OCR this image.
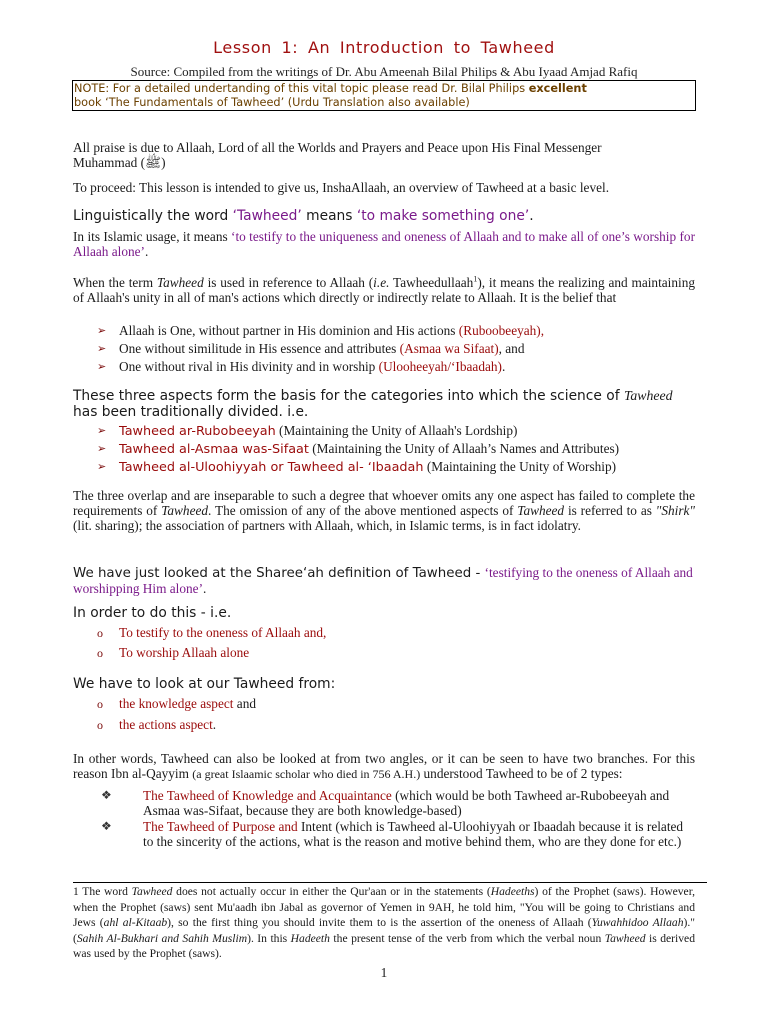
Lesson 1: An Introduction to Tawheed
Source: Compiled from the writings of Dr. Abu Ameenah Bilal Philips & Abu Iyaad Amjad Rafiq
NOTE: For a detailed undertanding of this vital topic please read Dr. Bilal Philips excellent
book ‘The Fundamentals of Tawheed’ (Urdu Translation also available)
All praise is due to Allaah, Lord of all the Worlds and Prayers and Peace upon His Final Messenger
Muhammad (ﷺ)
To proceed: This lesson is intended to give us, InshaAllaah, an overview of Tawheed at a basic level.
Linguistically the word ‘Tawheed’ means ‘to make something one’.
In its Islamic usage, it means ‘to testify to the uniqueness and oneness of Allaah and to make all of one’s worship for Allaah alone’.
When the term Tawheed is used in reference to Allaah (i.e. Tawheedullaah$^1$), it means the realizing and maintaining of Allaah's unity in all of man's actions which directly or indirectly relate to Allaah. It is the belief that
➢ Allaah is One, without partner in His dominion and His actions (Ruboobeeyah),
➢ One without similitude in His essence and attributes (Asmaa wa Sifaat), and
➢ One without rival in His divinity and in worship (Ulooheeyah/‘Ibaadah).
These three aspects form the basis for the categories into which the science of Tawheed has been traditionally divided. i.e.
➢ Tawheed ar-Rubobeeyah (Maintaining the Unity of Allaah's Lordship)
➢ Tawheed al-Asmaa was-Sifaat (Maintaining the Unity of Allaah’s Names and Attributes)
➢ Tawheed al-Uloohiyyah or Tawheed al- ‘Ibaadah (Maintaining the Unity of Worship)
The three overlap and are inseparable to such a degree that whoever omits any one aspect has failed to complete the requirements of Tawheed. The omission of any of the above mentioned aspects of Tawheed is referred to as "Shirk" (lit. sharing); the association of partners with Allaah, which, in Islamic terms, is in fact idolatry.
We have just looked at the Sharee‘ah definition of Tawheed - ‘testifying to the oneness of Allaah and worshipping Him alone’.
In order to do this - i.e.
o To testify to the oneness of Allaah and,
o To worship Allaah alone
We have to look at our Tawheed from:
o the knowledge aspect and
o the actions aspect.
In other words, Tawheed can also be looked at from two angles, or it can be seen to have two branches. For this reason Ibn al-Qayyim (a great Islaamic scholar who died in 756 A.H.) understood Tawheed to be of 2 types:
❖ The Tawheed of Knowledge and Acquaintance (which would be both Tawheed ar-Rubobeeyah and Asmaa was-Sifaat, because they are both knowledge-based)
❖ The Tawheed of Purpose and Intent (which is Tawheed al-Uloohiyyah or Ibaadah because it is related to the sincerity of the actions, what is the reason and motive behind them, who are they done for etc.)
1 The word Tawheed does not actually occur in either the Qur'aan or in the statements (Hadeeths) of the Prophet (saws). However, when the Prophet (saws) sent Mu'aadh ibn Jabal as governor of Yemen in 9AH, he told him, "You will be going to Christians and Jews (ahl al-Kitaab), so the first thing you should invite them to is the assertion of the oneness of Allaah (Yuwahhidoo Allaah)." (Sahih Al-Bukhari and Sahih Muslim). In this Hadeeth the present tense of the verb from which the verbal noun Tawheed is derived was used by the Prophet (saws).
1
